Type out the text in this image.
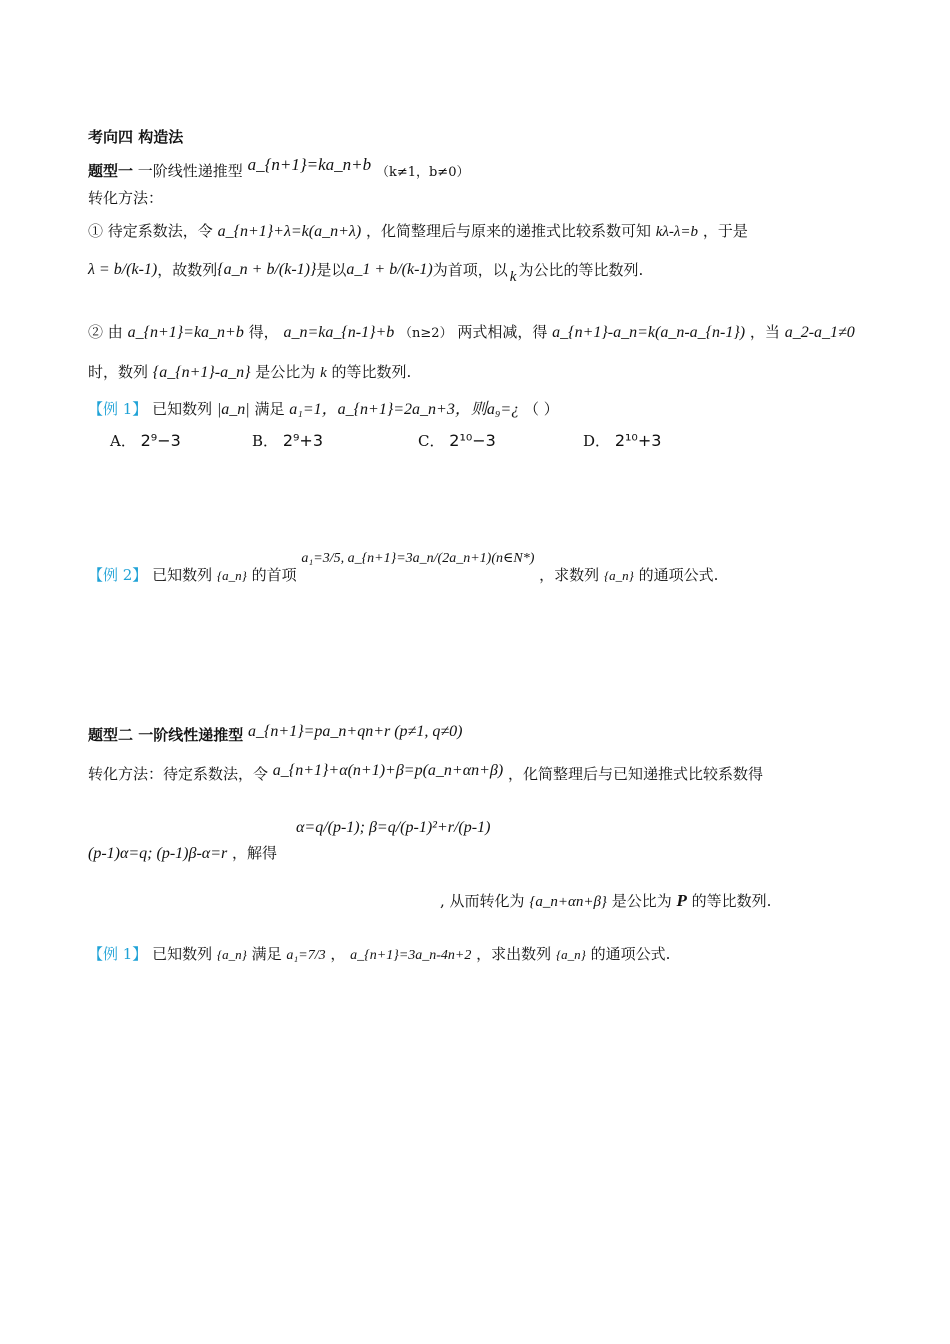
考向四 构造法
题型一 一阶线性递推型 a_{n+1}=ka_n+b （k≠1，b≠0）
转化方法：
① 待定系数法，令 a_{n+1}+λ=k(a_n+λ) ，化简整理后与原来的递推式比较系数可知 kλ-λ=b ，于是
λ = b/(k-1) ，故数列 {a_n + b/(k-1)} 是以 a_1 + b/(k-1) 为首项，以 k 为公比的等比数列.
② 由 a_{n+1}=ka_n+b 得， a_n=ka_{n-1}+b （n≥2） 两式相减，得 a_{n+1}-a_n=k(a_n-a_{n-1}) ，当 a_2-a_1≠0
时，数列 {a_{n+1}-a_n} 是公比为 k 的等比数列.
【例 1】 已知数列 |a_n| 满足 a₁=1，a_{n+1}=2a_n+3，则a₉=¿ （ ）
A． 2⁹−3	B． 2⁹+3	C． 2¹⁰−3	D． 2¹⁰+3
【例 2】 已知数列 {a_n} 的首项 a₁=3/5, a_{n+1}=3a_n/(2a_n+1)(n∈N*) ，求数列 {a_n} 的通项公式.
题型二 一阶线性递推型 a_{n+1}=pa_n+qn+r (p≠1, q≠0)
转化方法：待定系数法，令 a_{n+1}+α(n+1)+β=p(a_n+αn+β) ，化简整理后与已知递推式比较系数得
(p-1)α=q; (p-1)β-α=r ，解得
α=q/(p-1); β=q/(p-1)²+r/(p-1)
, 从而转化为 {a_n+αn+β} 是公比为 P 的等比数列.
【例 1】 已知数列 {a_n} 满足 a₁=7/3 ， a_{n+1}=3a_n-4n+2 ，求出数列 {a_n} 的通项公式.
